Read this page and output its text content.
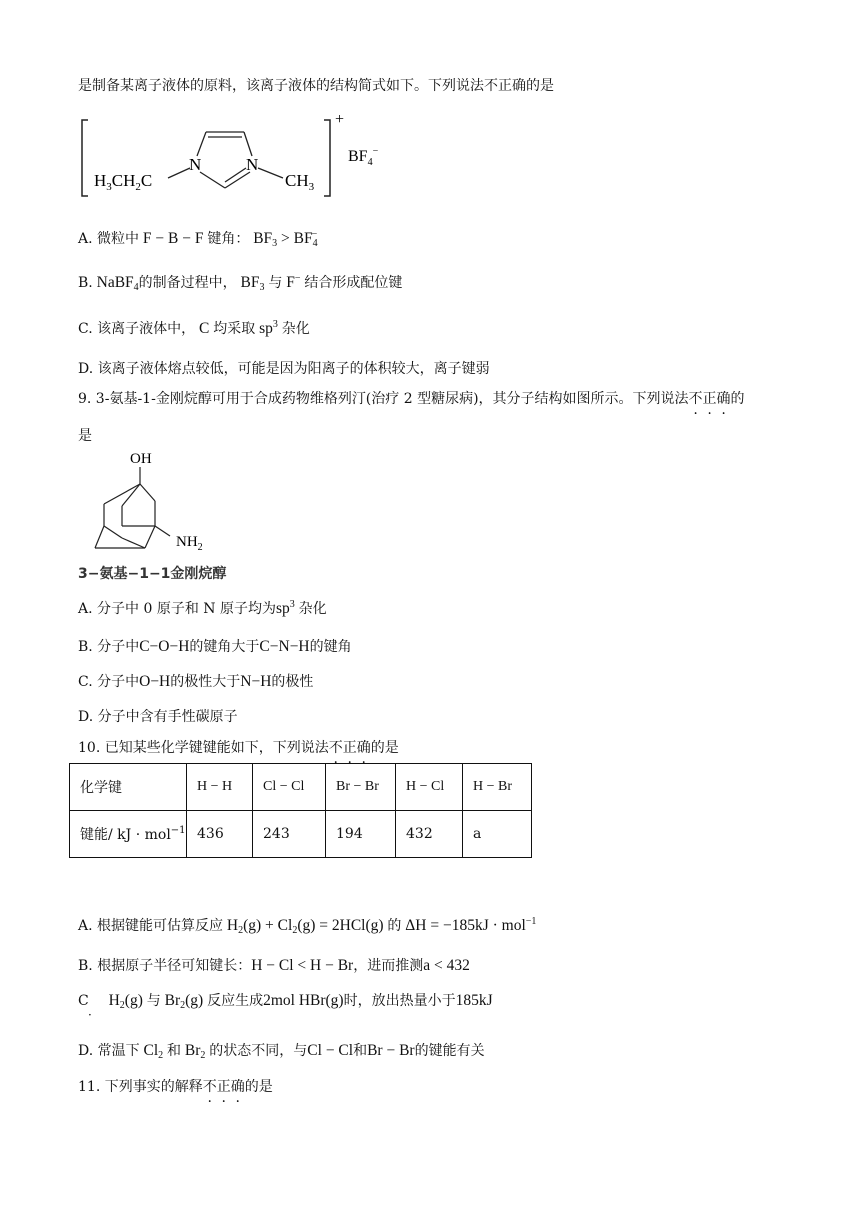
是制备某离子液体的原料，该离子液体的结构简式如下。下列说法不正确的是
N	N
$H_3CH_2C$	$CH_3$
+
$BF_4^-$
A. 微粒中 F − B − F 键角： $BF_3 > BF_4^-$
B. NaBF$_4$的制备过程中， $BF_3$ 与 F− 结合形成配位键
C. 该离子液体中， C 均采取 $sp^3$ 杂化
D. 该离子液体熔点较低，可能是因为阳离子的体积较大，离子键弱
9. 3-氨基-1-金刚烷醇可用于合成药物维格列汀(治疗 2 型糖尿病)，其分子结构如图所示。下列说法不正确的
是
OH
$NH_2$
3−氨基−1−1金刚烷醇
A. 分子中 0 原子和 N 原子均为$sp^3$ 杂化
B. 分子中C−O−H的键角大于C−N−H的键角
C. 分子中O−H的极性大于N−H的极性
D. 分子中含有手性碳原子
10. 已知某些化学键键能如下，下列说法不正确的是
化学键	H − H	Cl − Cl	Br − Br	H − Cl	H − Br
键能/ kJ · mol$^{-1}$	436	243	194	432	a
A. 根据键能可估算反应 $H_2(g) + Cl_2(g) = 2HCl(g)$ 的 ΔH = −185kJ · mol$^{-1}$
B. 根据原子半径可知键长：H − Cl < H − Br，进而推测a < 432
C $H_2(g)$ 与 $Br_2(g)$ 反应生成2mol HBr(g)时，放出热量小于185kJ
·
D. 常温下 $Cl_2$ 和 $Br_2$ 的状态不同，与Cl − Cl和Br − Br的键能有关
11. 下列事实的解释不正确的是
